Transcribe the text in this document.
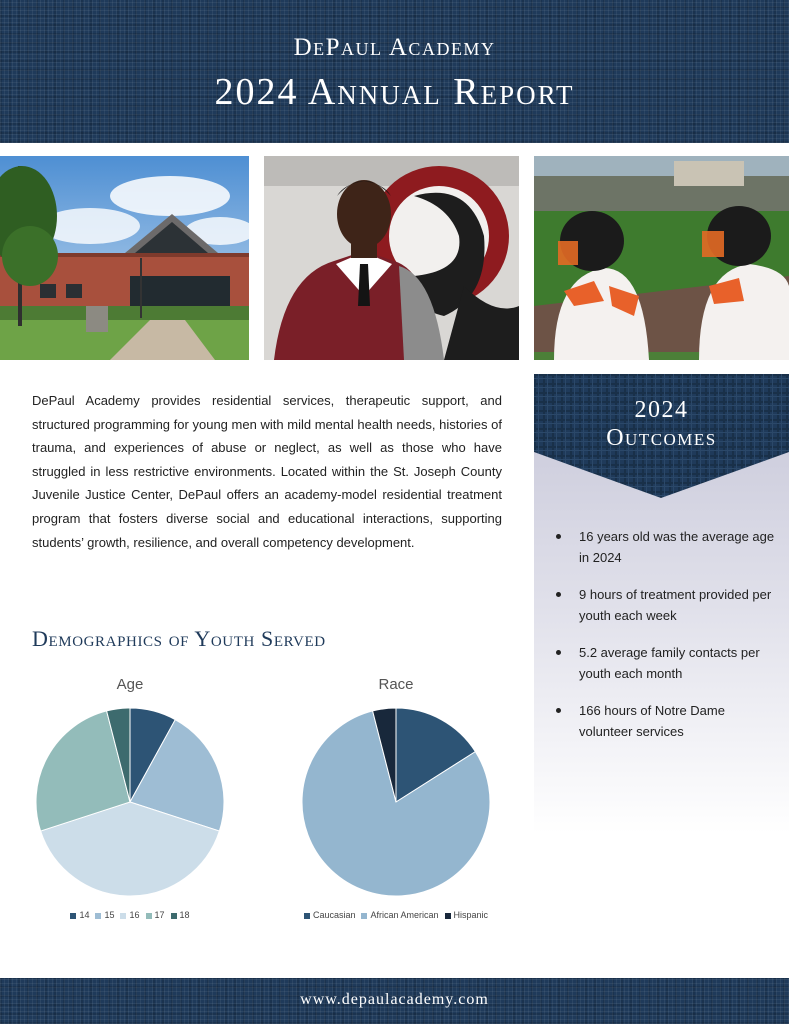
DePaul Academy
2024 Annual Report
DePaul Academy provides residential services, therapeutic support, and structured programming for young men with mild mental health needs, histories of trauma, and experiences of abuse or neglect, as well as those who have struggled in less restrictive environments. Located within the St. Joseph County Juvenile Justice Center, DePaul offers an academy-model residential treatment program that fosters diverse social and educational interactions, supporting students’ growth, resilience, and overall competency development.
2024
Outcomes
16 years old was the average age in 2024
9 hours of treatment provided per youth each week
5.2 average family contacts per youth each month
166 hours of Notre Dame volunteer services
Demographics of Youth Served
Age
14 15 16 17 18
Race
Caucasian African American Hispanic
www.depaulacademy.com
